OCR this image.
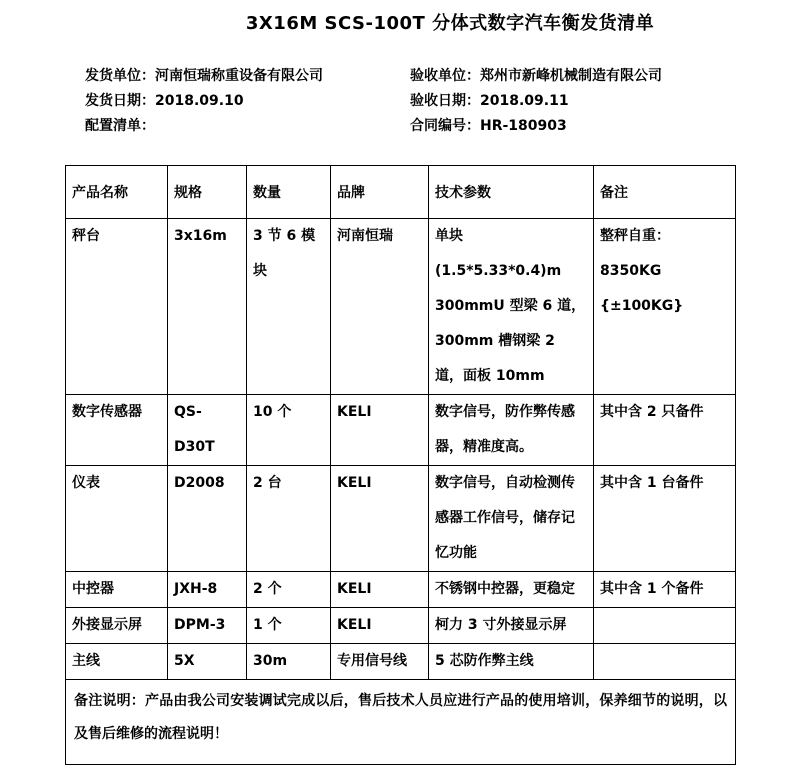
3X16M SCS-100T 分体式数字汽车衡发货清单
发货单位：河南恒瑞称重设备有限公司
发货日期：2018.09.10
配置清单：
验收单位：郑州市新峰机械制造有限公司
验收日期：2018.09.11
合同编号：HR-180903
产品名称	规格	数量	品牌	技术参数	备注
秤台	3x16m	3 节 6 模块	河南恒瑞	单块(1.5*5.33*0.4)m 300mmU 型梁 6 道，300mm 槽钢梁 2 道，面板 10mm	整秤自重：8350KG {±100KG}
数字传感器	QS-D30T	10 个	KELI	数字信号，防作弊传感器，精准度高。	其中含 2 只备件
仪表	D2008	2 台	KELI	数字信号，自动检测传感器工作信号，储存记忆功能	其中含 1 台备件
中控器	JXH-8	2 个	KELI	不锈钢中控器，更稳定	其中含 1 个备件
外接显示屏	DPM-3	1 个	KELI	柯力 3 寸外接显示屏	
主线	5X	30m	专用信号线	5 芯防作弊主线	
备注说明：产品由我公司安装调试完成以后，售后技术人员应进行产品的使用培训，保养细节的说明，以及售后维修的流程说明！					
